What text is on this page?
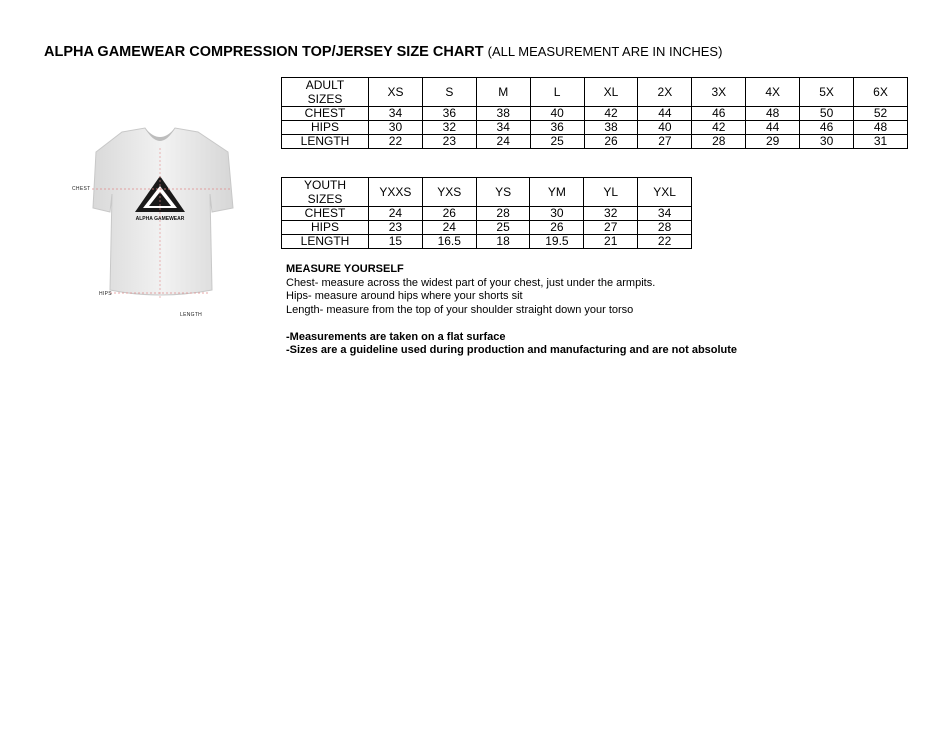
ALPHA GAMEWEAR COMPRESSION TOP/JERSEY SIZE CHART (ALL MEASUREMENT ARE IN INCHES)
ALPHA GAMEWEAR
CHEST
HIPS
LENGTH
ADULT SIZES	XS	S	M	L	XL	2X	3X	4X	5X	6X
CHEST	34	36	38	40	42	44	46	48	50	52
HIPS	30	32	34	36	38	40	42	44	46	48
LENGTH	22	23	24	25	26	27	28	29	30	31
YOUTH SIZES	YXXS	YXS	YS	YM	YL	YXL
CHEST	24	26	28	30	32	34
HIPS	23	24	25	26	27	28
LENGTH	15	16.5	18	19.5	21	22
MEASURE YOURSELF
Chest- measure across the widest part of your chest, just under the armpits.
Hips- measure around hips where your shorts sit
Length- measure from the top of your shoulder straight down your torso
-Measurements are taken on a flat surface
-Sizes are a guideline used during production and manufacturing and are not absolute
